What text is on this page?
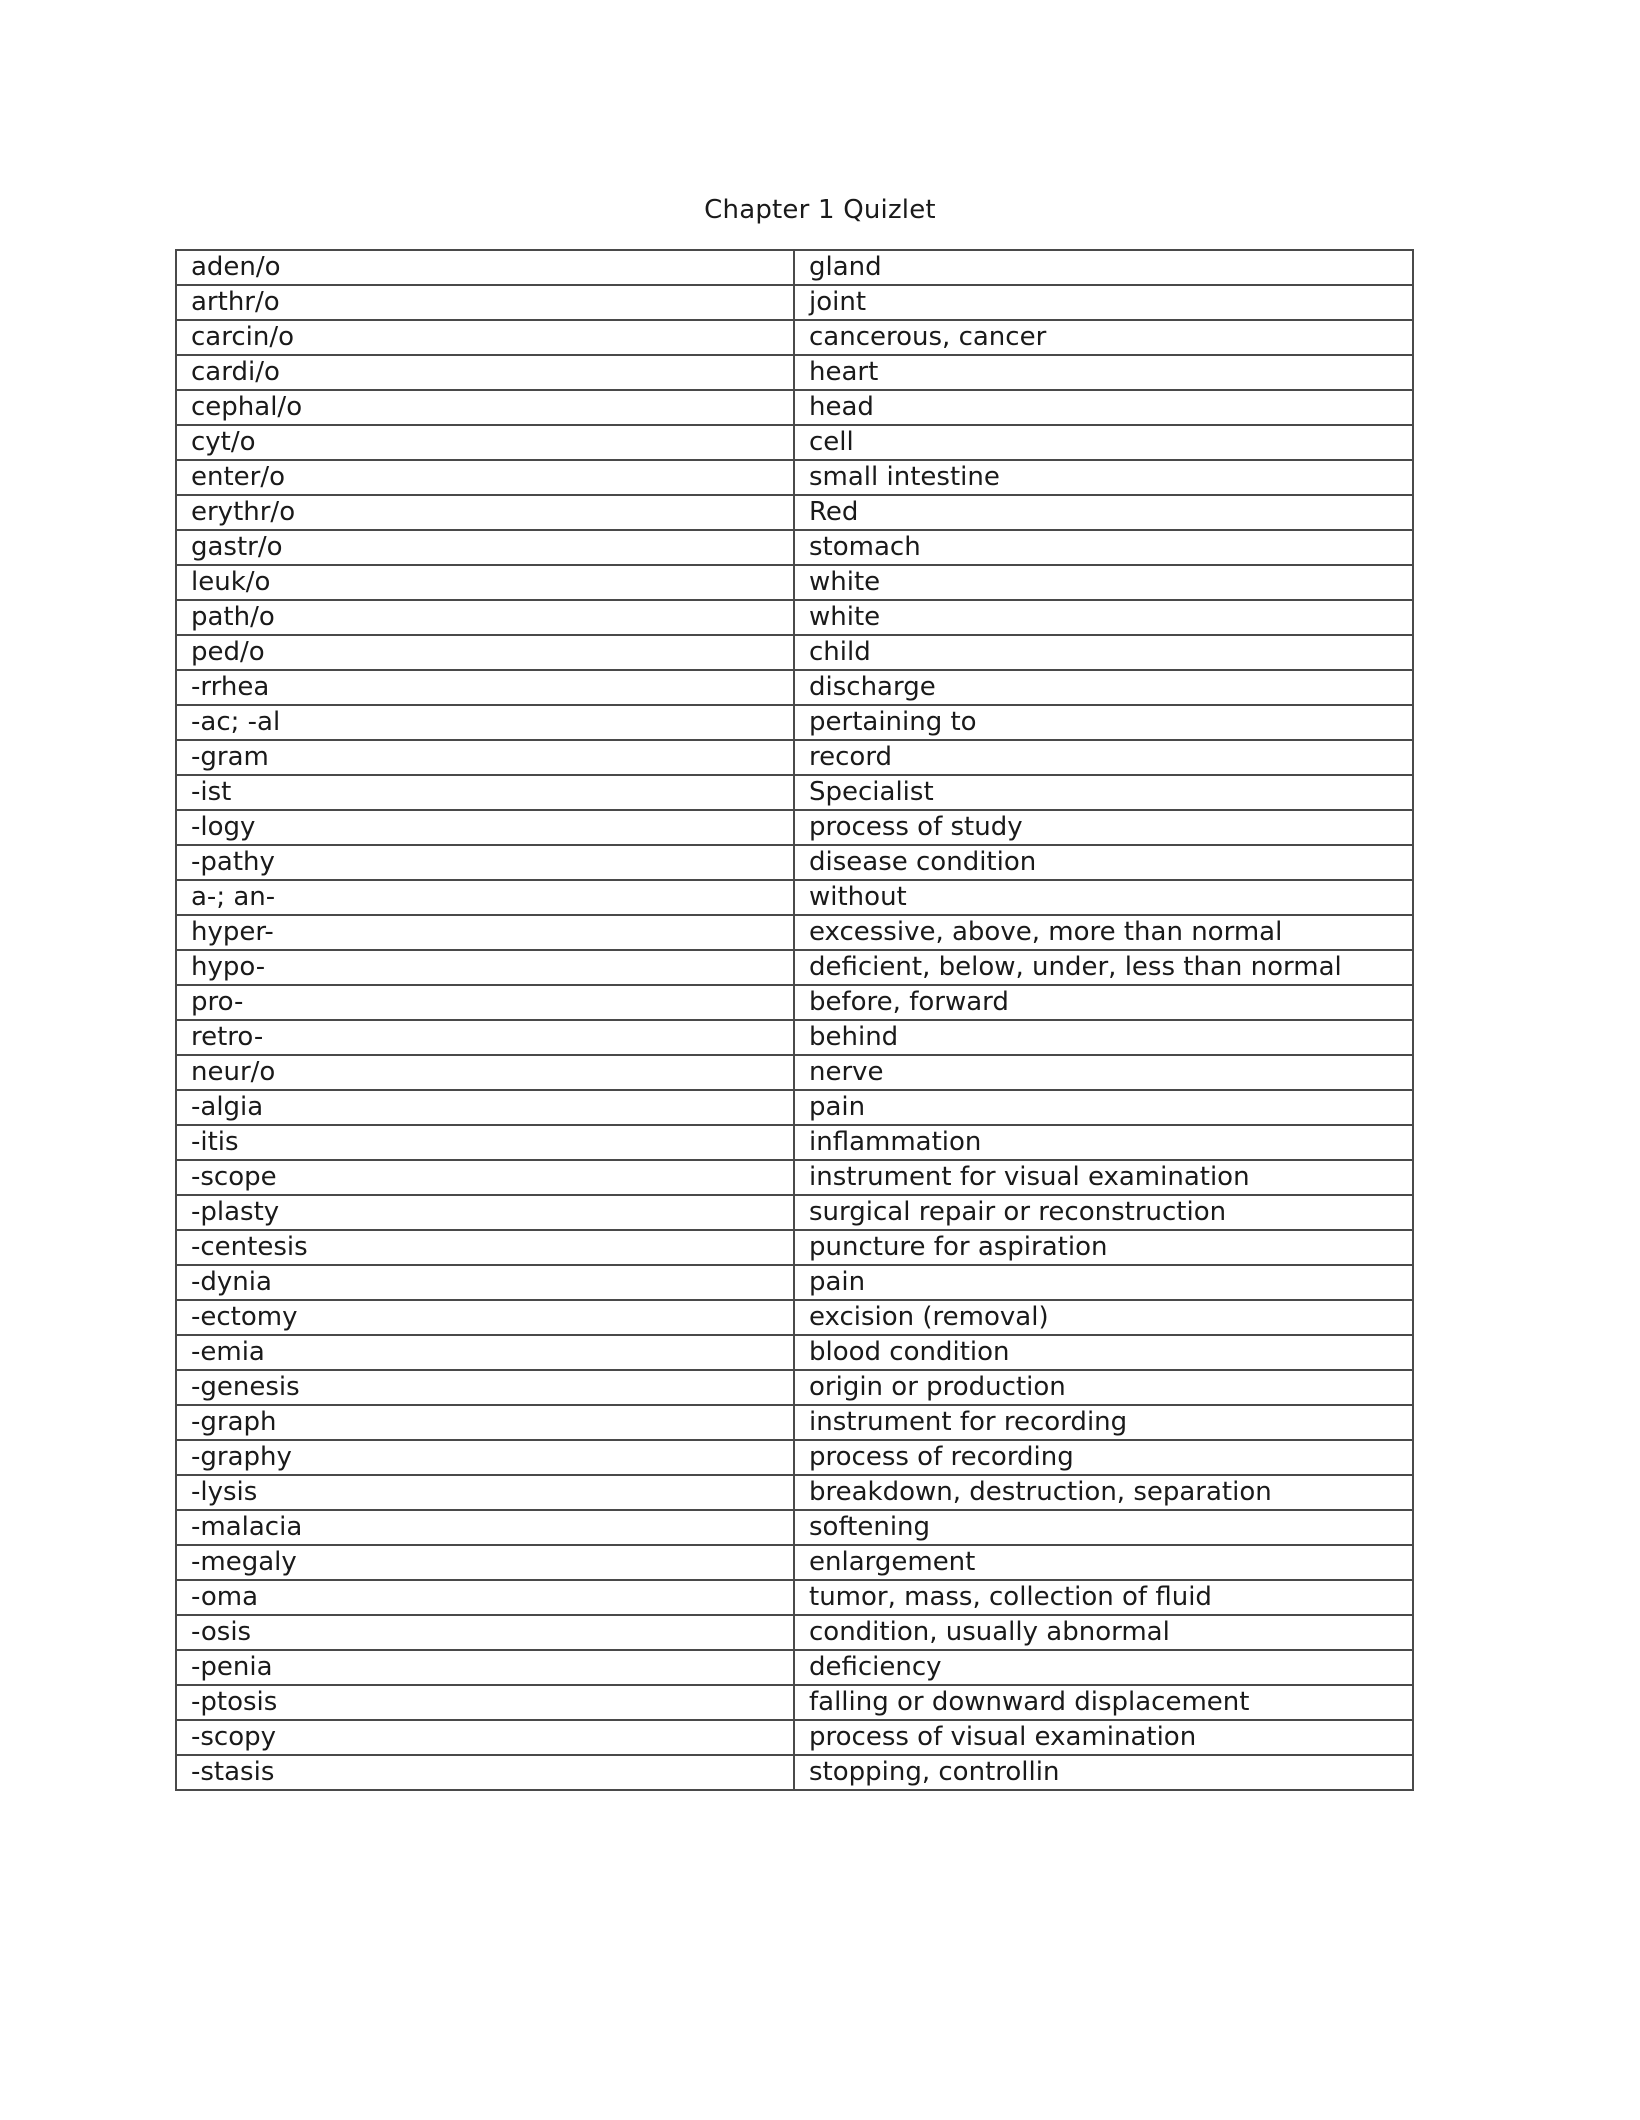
Chapter 1 Quizlet
aden/o	gland
arthr/o	joint
carcin/o	cancerous, cancer
cardi/o	heart
cephal/o	head
cyt/o	cell
enter/o	small intestine
erythr/o	Red
gastr/o	stomach
leuk/o	white
path/o	white
ped/o	child
-rrhea	discharge
-ac; -al	pertaining to
-gram	record
-ist	Specialist
-logy	process of study
-pathy	disease condition
a-; an-	without
hyper-	excessive, above, more than normal
hypo-	deficient, below, under, less than normal
pro-	before, forward
retro-	behind
neur/o	nerve
-algia	pain
-itis	inflammation
-scope	instrument for visual examination
-plasty	surgical repair or reconstruction
-centesis	puncture for aspiration
-dynia	pain
-ectomy	excision (removal)
-emia	blood condition
-genesis	origin or production
-graph	instrument for recording
-graphy	process of recording
-lysis	breakdown, destruction, separation
-malacia	softening
-megaly	enlargement
-oma	tumor, mass, collection of fluid
-osis	condition, usually abnormal
-penia	deficiency
-ptosis	falling or downward displacement
-scopy	process of visual examination
-stasis	stopping, controllin
